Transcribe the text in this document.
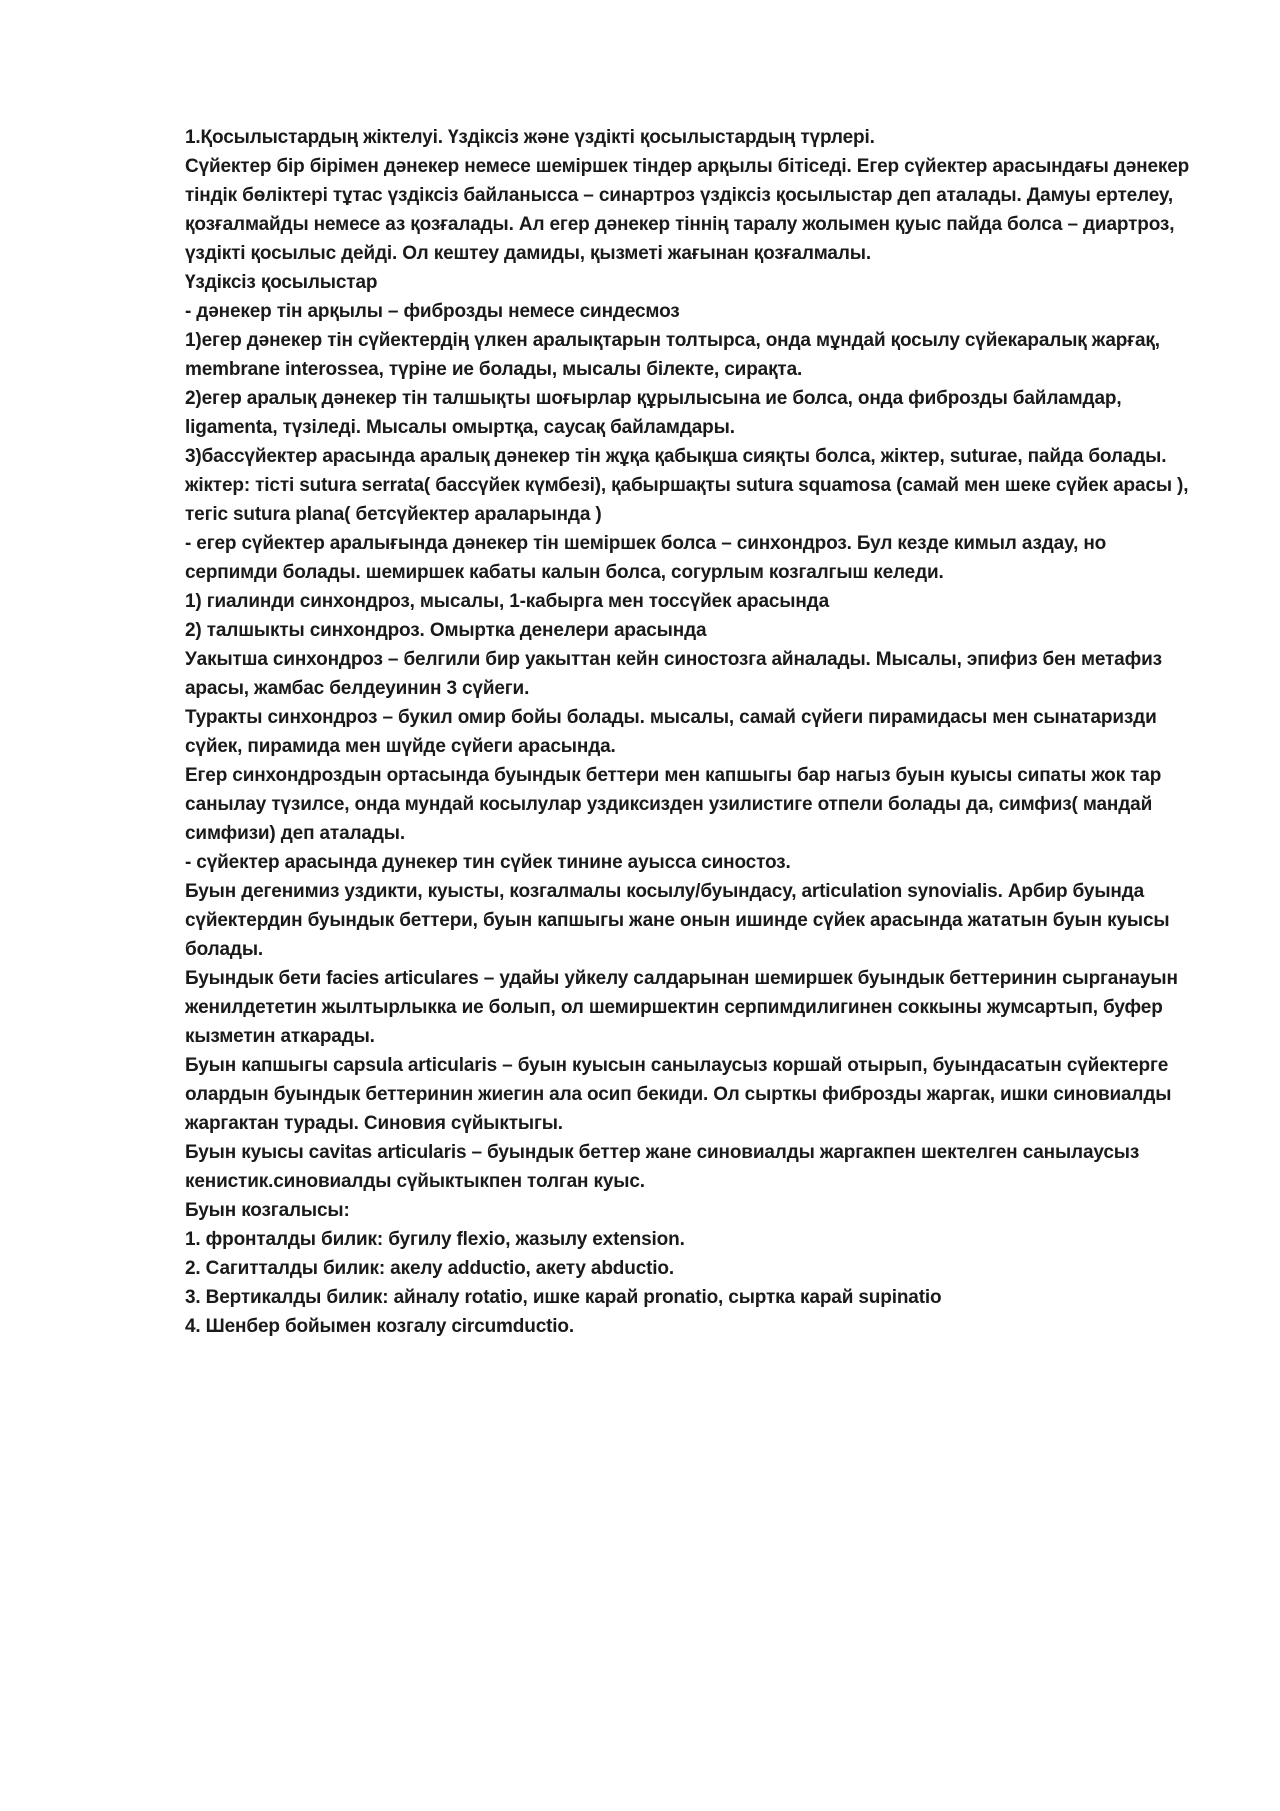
1.Қосылыстардың жіктелуі. Үздіксіз және үздікті қосылыстардың түрлері.

Сүйектер бір бірімен дәнекер немесе шеміршек тіндер арқылы бітіседі. Егер сүйектер арасындағы дәнекер тіндік бөліктері тұтас үздіксіз байланысса – синартроз үздіксіз қосылыстар деп аталады. Дамуы ертелеу, қозғалмайды немесе аз қозғалады. Ал егер дәнекер тіннің таралу жолымен қуыс пайда болса – диартроз, үздікті қосылыс дейді. Ол кештеу дамиды, қызметі жағынан қозғалмалы.

Үздіксіз қосылыстар

- дәнекер тін арқылы – фиброзды немесе синдесмоз

1)егер дәнекер тін сүйектердің үлкен аралықтарын толтырса, онда мұндай қосылу сүйекаралық жарғақ, membrane interossea, түріне ие болады, мысалы білекте, сирақта.

2)егер аралық дәнекер тін талшықты шоғырлар құрылысына ие болса, онда фиброзды байламдар, ligamenta, түзіледі. Мысалы омыртқа, саусақ байламдары.

3)бассүйектер арасында аралық дәнекер тін жұқа қабықша сияқты болса, жіктер, suturae, пайда болады. жіктер: тісті sutura serrata( бассүйек күмбезі), қабыршақты sutura squamosa (самай мен шеке сүйек арасы ), тегіс sutura plana( бетсүйектер араларында )

- егер сүйектер аралығында дәнекер тін шеміршек болса – синхондроз. Бул кезде кимыл аздау, но серпимди болады. шемиршек кабаты калын болса, согурлым козгалгыш келеди.

1) гиалинди синхондроз, мысалы, 1-кабырга мен тоссүйек арасында

2) талшыкты синхондроз. Омыртка денелери арасында

Уакытша синхондроз – белгили бир уакыттан кейн синостозга айналады. Мысалы, эпифиз бен метафиз арасы, жамбас белдеуинин 3 сүйеги.

Туракты синхондроз – букил омир бойы болады. мысалы, самай сүйеги пирамидасы мен сынатаризди сүйек, пирамида мен шүйде сүйеги арасында.

Егер синхондроздын ортасында буындык беттери мен капшыгы бар нагыз буын куысы сипаты жок тар санылау түзилсе, онда мундай косылулар уздиксизден узилистиге отпели болады да, симфиз( мандай симфизи) деп аталады.

- сүйектер арасында дунекер тин сүйек тинине ауысса синостоз.

Буын дегенимиз уздикти, куысты, козгалмалы косылу/буындасу, articulation synovialis. Арбир буында сүйектердин буындык беттери, буын капшыгы жане онын ишинде сүйек арасында жататын буын куысы болады.

Буындык бети facies articulares – удайы уйкелу салдарынан шемиршек буындык беттеринин сырганауын женилдететин жылтырлыкка ие болып, ол шемиршектин серпимдилигинен соккыны жумсартып, буфер кызметин аткарады.

Буын капшыгы capsula articularis – буын куысын санылаусыз коршай отырып, буындасатын сүйектерге олардын буындык беттеринин жиегин ала осип бекиди. Ол сырткы фиброзды жаргак, ишки синовиалды жаргактан турады. Синовия сүйыктыгы.

Буын куысы cavitas articularis – буындык беттер жане синовиалды жаргакпен шектелген санылаусыз кенистик.синовиалды сүйыктыкпен толган куыс.

Буын козгалысы:

1. фронталды билик: бугилу flexio, жазылу extension.

2. Сагитталды билик: акелу adductio, акету abductio.

3. Вертикалды билик: айналу rotatio, ишке карай pronatio, сыртка карай supinatio

4. Шенбер бойымен козгалу circumductio.
